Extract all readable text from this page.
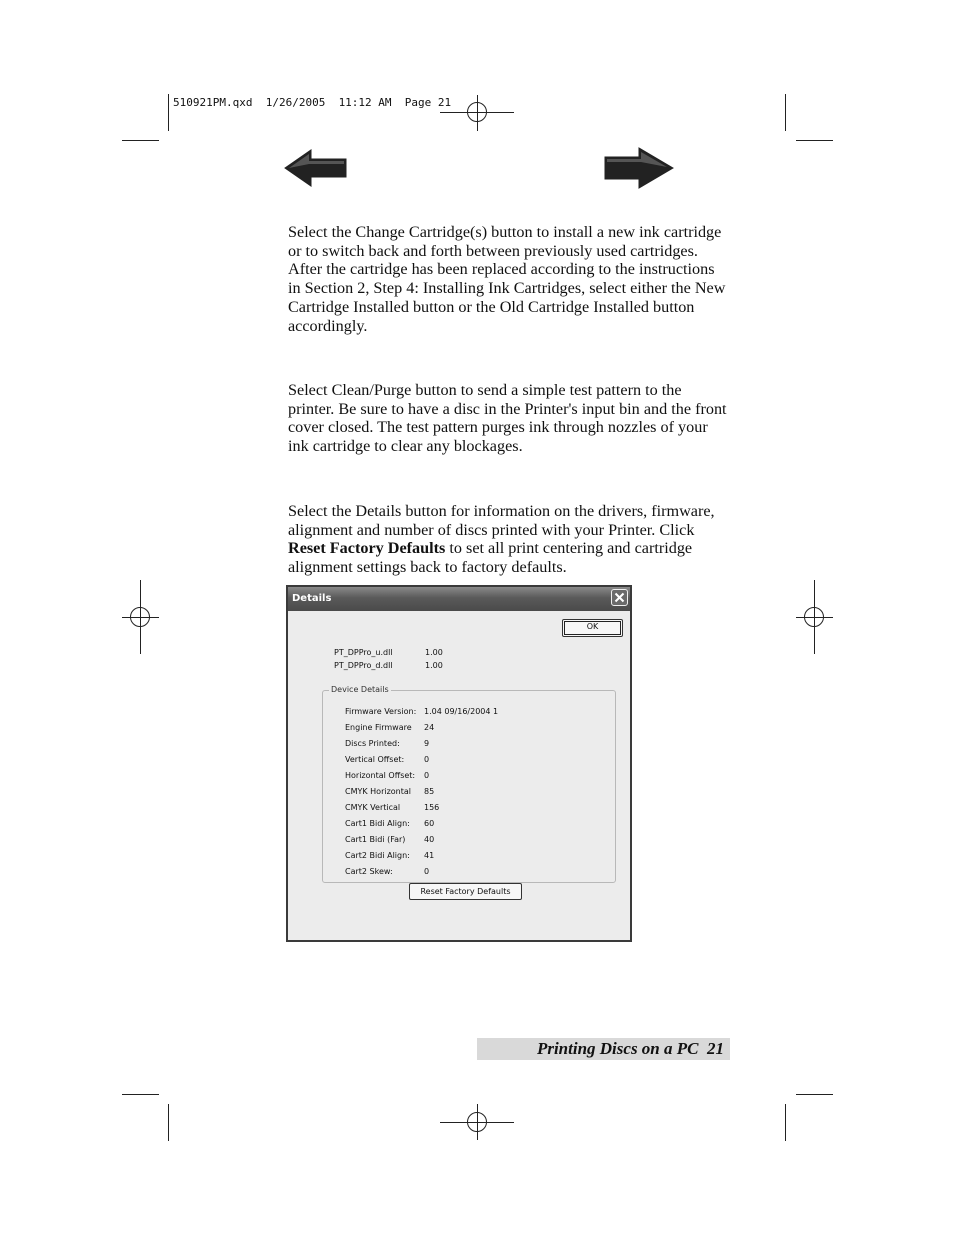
510921PM.qxd  1/26/2005  11:12 AM  Page 21

Select the Change Cartridge(s) button to install a new ink cartridge or to switch back and forth between previously used cartridges. After the cartridge has been replaced according to the instructions in Section 2, Step 4: Installing Ink Cartridges, select either the New Cartridge Installed button or the Old Cartridge Installed button accordingly.

Select Clean/Purge button to send a simple test pattern to the printer. Be sure to have a disc in the Printer's input bin and the front cover closed. The test pattern purges ink through nozzles of your ink cartridge to clear any blockages.

Select the Details button for information on the drivers, firmware, alignment and number of discs printed with your Printer. Click Reset Factory Defaults to set all print centering and cartridge alignment settings back to factory defaults.

Details
OK
PT_DPPro_u.dll	1.00
PT_DPPro_d.dll	1.00
Device Details
Firmware Version: 1.04 09/16/2004 1
Engine Firmware 24
Discs Printed:	9
Vertical Offset: 0
Horizontal Offset: 0
CMYK Horizontal 85
CMYK Vertical	156
Cart1 Bidi Align: 60
Cart1 Bidi (Far) 40
Cart2 Bidi Align: 41
Cart2 Skew:	0
Reset Factory Defaults
Printing Discs on a PC  21
